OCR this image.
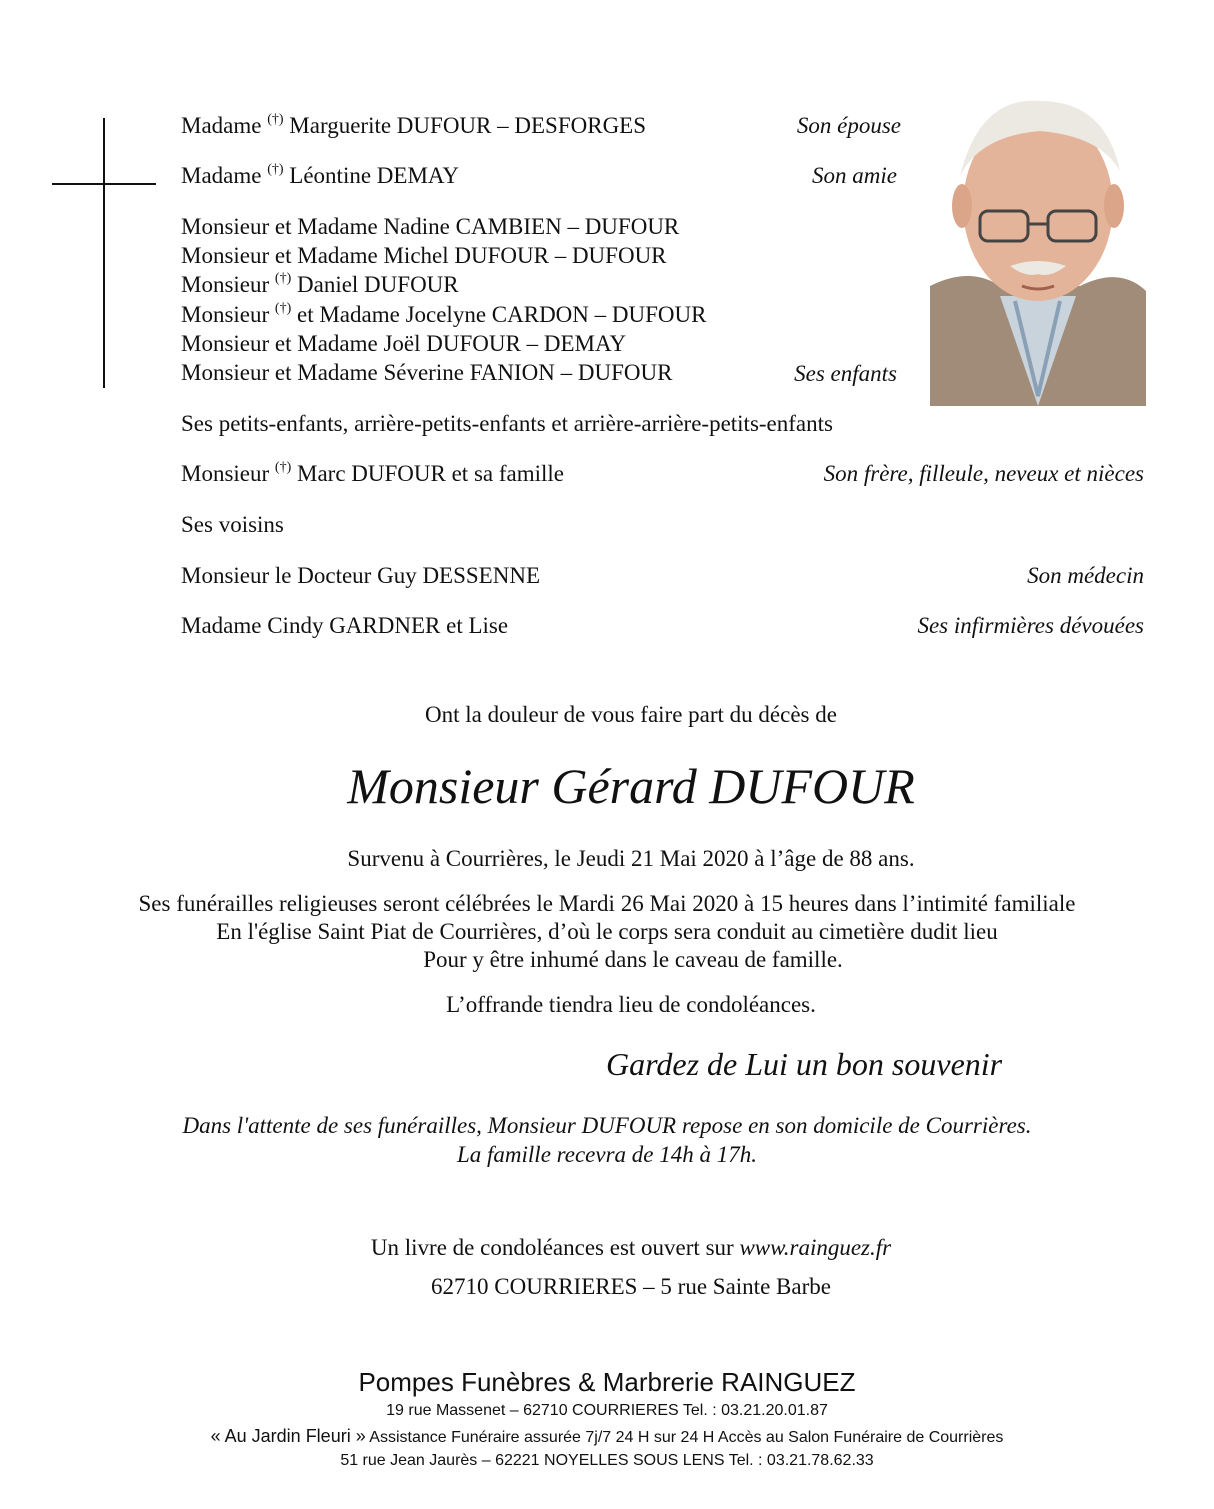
Madame (†) Marguerite DUFOUR – DESFORGES	Son épouse
Madame (†) Léontine DEMAY	Son amie
Monsieur et Madame Nadine CAMBIEN – DUFOUR
Monsieur et Madame Michel DUFOUR – DUFOUR
Monsieur (†) Daniel DUFOUR
Monsieur (†) et Madame Jocelyne CARDON – DUFOUR
Monsieur et Madame Joël DUFOUR – DEMAY
Monsieur et Madame Séverine FANION – DUFOUR	Ses enfants
Ses petits-enfants, arrière-petits-enfants et arrière-arrière-petits-enfants
Monsieur (†) Marc DUFOUR et sa famille	Son frère, filleule, neveux et nièces
Ses voisins
Monsieur le Docteur Guy DESSENNE	Son médecin
Madame Cindy GARDNER et Lise	Ses infirmières dévouées
Ont la douleur de vous faire part du décès de
Monsieur Gérard DUFOUR
Survenu à Courrières, le Jeudi 21 Mai 2020 à l’âge de 88 ans.
Ses funérailles religieuses seront célébrées le Mardi 26 Mai 2020 à 15 heures dans l’intimité familiale
En l'église Saint Piat de Courrières, d’où le corps sera conduit au cimetière dudit lieu
Pour y être inhumé dans le caveau de famille.
L’offrande tiendra lieu de condoléances.
Gardez de Lui un bon souvenir
Dans l'attente de ses funérailles, Monsieur DUFOUR repose en son domicile de Courrières.
La famille recevra de 14h à 17h.
Un livre de condoléances est ouvert sur www.rainguez.fr
62710 COURRIERES – 5 rue Sainte Barbe
Pompes Funèbres & Marbrerie RAINGUEZ
19 rue Massenet – 62710 COURRIERES Tel. : 03.21.20.01.87
« Au Jardin Fleuri » Assistance Funéraire assurée 7j/7 24 H sur 24 H Accès au Salon Funéraire de Courrières
51 rue Jean Jaurès – 62221 NOYELLES SOUS LENS Tel. : 03.21.78.62.33
